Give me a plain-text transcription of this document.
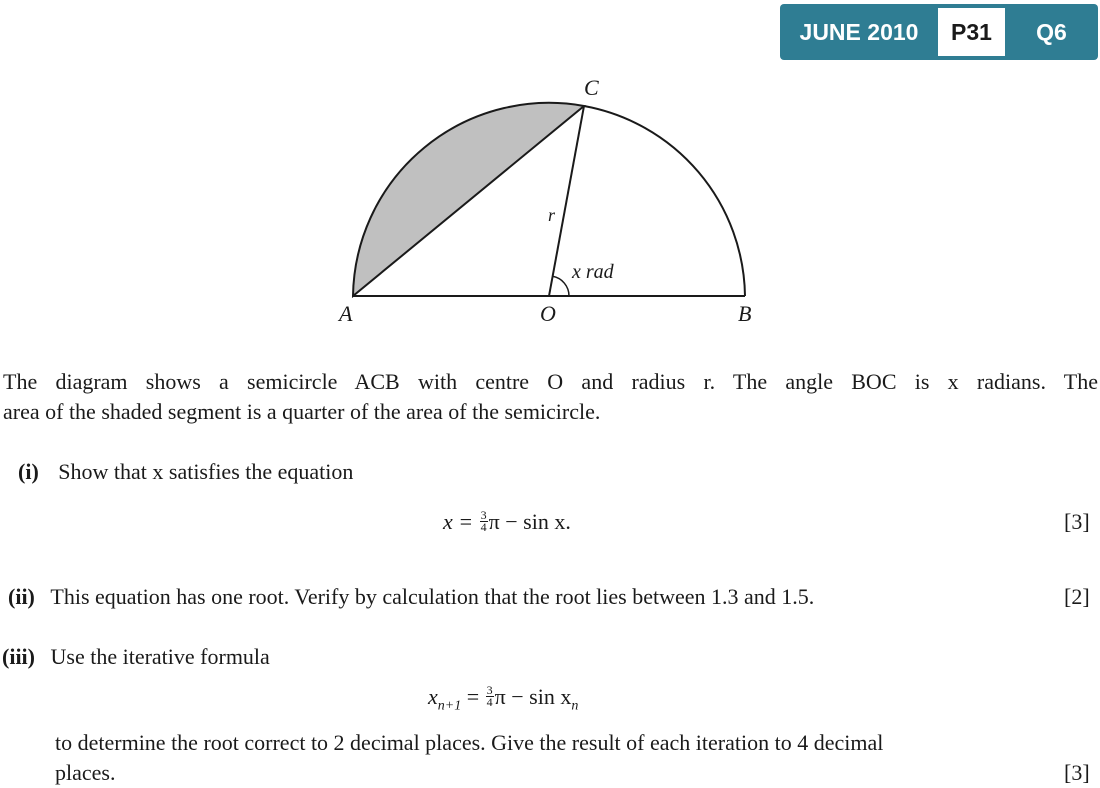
JUNE 2010	P31	Q6
C
A	O	B
r
x rad
The diagram shows a semicircle ACB with centre O and radius r. The angle BOC is x radians. The
area of the shaded segment is a quarter of the area of the semicircle.
(i) Show that x satisfies the equation
$x = \frac{3}{4}$ π − sin x.	[3]
(ii) This equation has one root. Verify by calculation that the root lies between 1.3 and 1.5.	[2]
(iii) Use the iterative formula
$x_{n+1} = \frac{3}{4}$ $\pi - \sin x_n$
to determine the root correct to 2 decimal places. Give the result of each iteration to 4 decimal
places.	[3]
